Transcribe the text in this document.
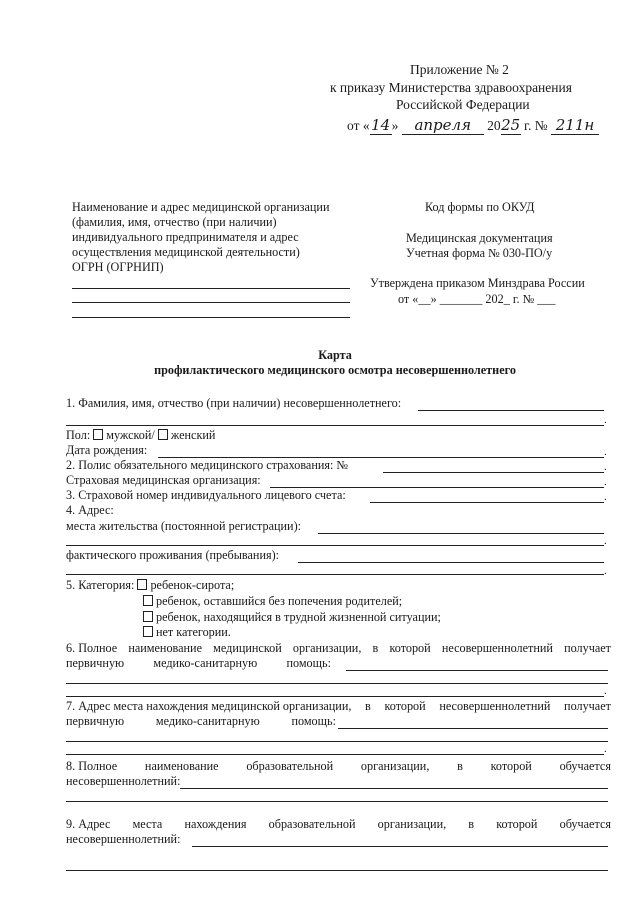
Приложение № 2
к приказу Министерства здравоохранения
Российской Федерации
от «14» апреля 2025 г. № 211н
Наименование и адрес медицинской организации
(фамилия, имя, отчество (при наличии)
индивидуального предпринимателя и адрес
осуществления медицинской деятельности)
ОГРН (ОГРНИП)
Код формы по ОКУД
Медицинская документация
Учетная форма № 030-ПО/у
Утверждена приказом Минздрава России
от «__» _______ 202_ г. № ___
Карта
профилактического медицинского осмотра несовершеннолетнего
1. Фамилия, имя, отчество (при наличии) несовершеннолетнего:
.
Пол: мужской/ женский
Дата рождения:	.
2. Полис обязательного медицинского страхования: №	.
Страховая медицинская организация:	.
3. Страховой номер индивидуального лицевого счета:	.
4. Адрес:
места жительства (постоянной регистрации):
.
фактического проживания (пребывания):
.
5. Категория: ребенок-сирота;
ребенок, оставшийся без попечения родителей;
ребенок, находящийся в трудной жизненной ситуации;
нет категории.
6. Полное наименование медицинской организации, в которой несовершеннолетний получает
первичную медико-санитарную помощь:
.
7. Адрес места нахождения медицинской организации, в которой несовершеннолетний получает
первичную	медико-санитарную	помощь:
.
8. Полное наименование образовательной организации, в которой обучается
несовершеннолетний:
9. Адрес места нахождения образовательной организации, в которой обучается
несовершеннолетний:
